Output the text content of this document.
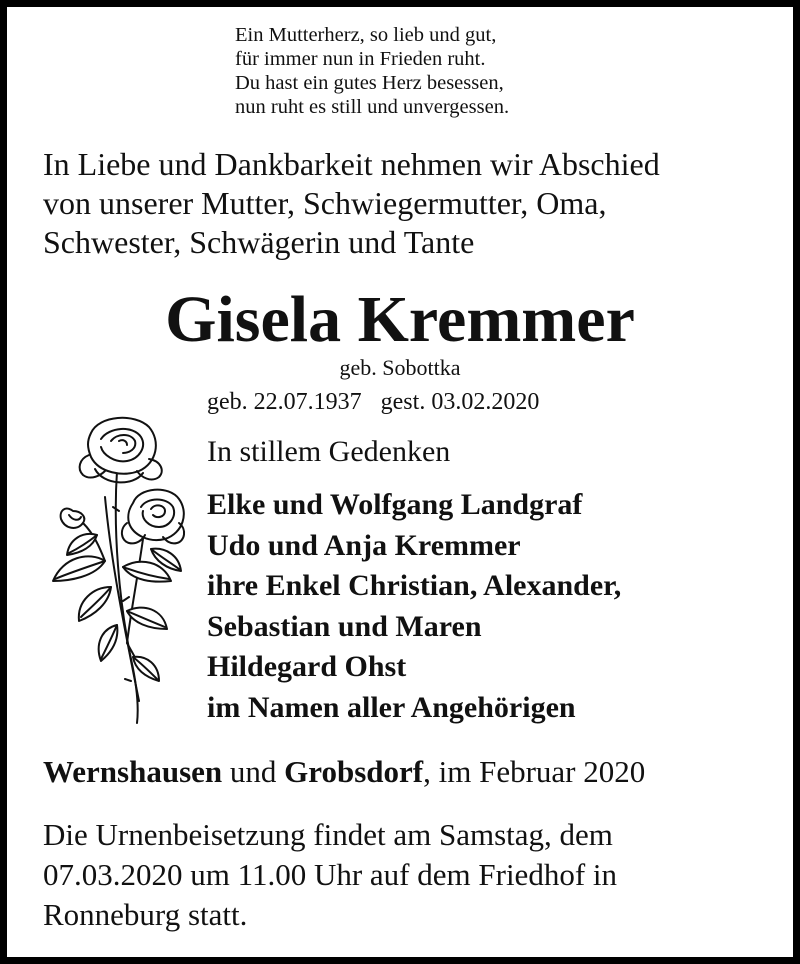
Ein Mutterherz, so lieb und gut,
für immer nun in Frieden ruht.
Du hast ein gutes Herz besessen,
nun ruht es still und unvergessen.
In Liebe und Dankbarkeit nehmen wir Abschied
von unserer Mutter, Schwiegermutter, Oma,
Schwester, Schwägerin und Tante
Gisela Kremmer
geb. Sobottka
geb. 22.07.1937 gest. 03.02.2020
In stillem Gedenken
Elke und Wolfgang Landgraf
Udo und Anja Kremmer
ihre Enkel Christian, Alexander,
Sebastian und Maren
Hildegard Ohst
im Namen aller Angehörigen
Wernshausen und Grobsdorf, im Februar 2020
Die Urnenbeisetzung findet am Samstag, dem
07.03.2020 um 11.00 Uhr auf dem Friedhof in
Ronneburg statt.
